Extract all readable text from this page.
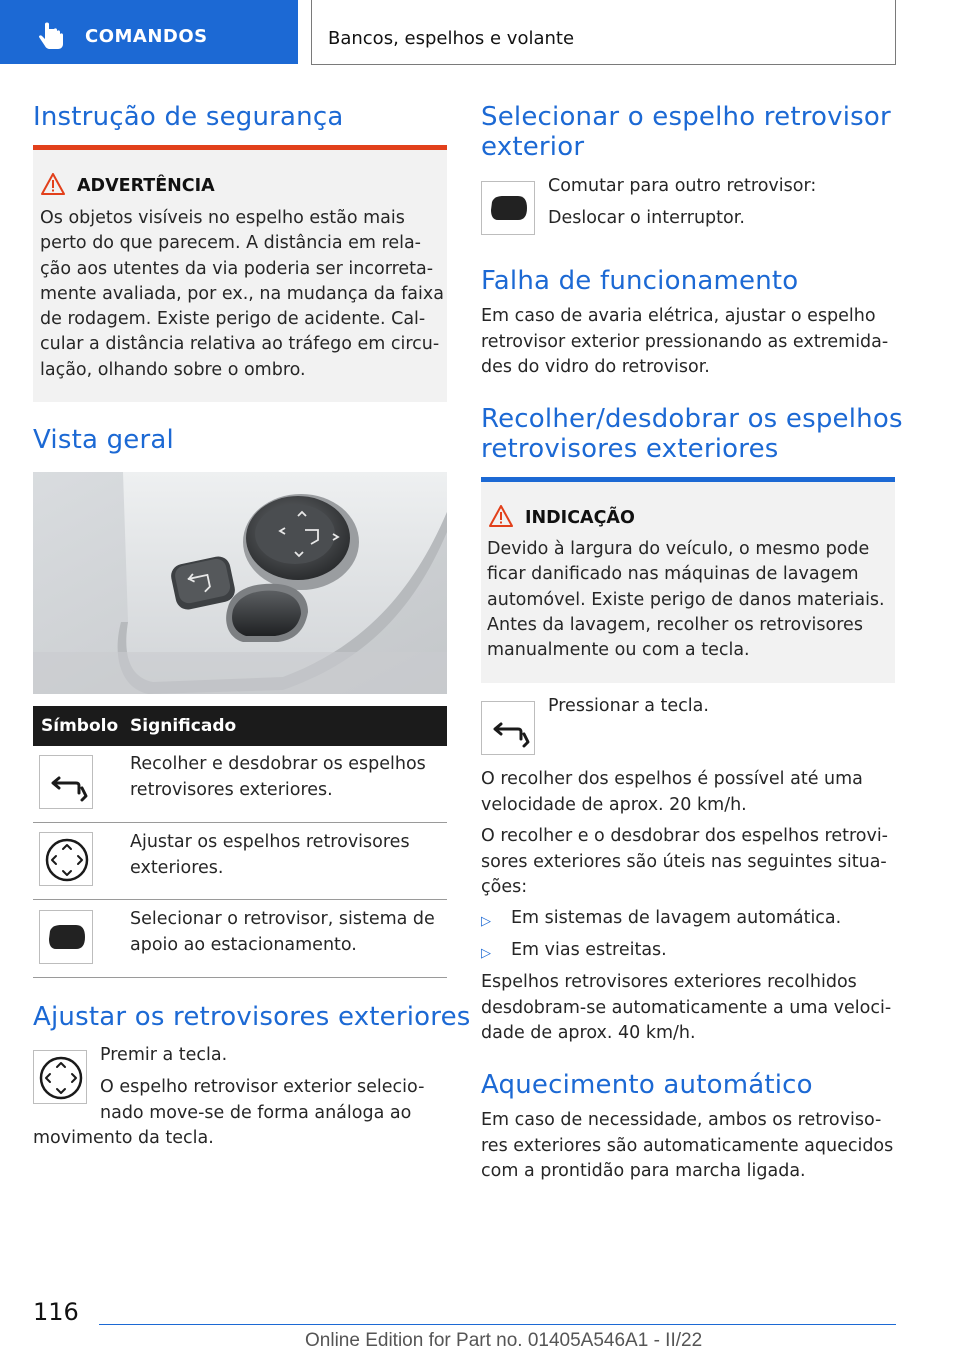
COMANDOS	Bancos, espelhos e volante
Instrução de segurança
ADVERTÊNCIA
Os objetos visíveis no espelho estão mais
perto do que parecem. A distância em rela-
ção aos utentes da via poderia ser incorreta-
mente avaliada, por ex., na mudança da faixa
de rodagem. Existe perigo de acidente. Cal-
cular a distância relativa ao tráfego em circu-
lação, olhando sobre o ombro.
Vista geral
Símbolo Significado
Recolher e desdobrar os espelhos
retrovisores exteriores.
Ajustar os espelhos retrovisores
exteriores.
Selecionar o retrovisor, sistema de
apoio ao estacionamento.
Ajustar os retrovisores exteriores
Premir a tecla.
O espelho retrovisor exterior selecio-
nado move-se de forma análoga ao
movimento da tecla.
Selecionar o espelho retrovisor
exterior
Comutar para outro retrovisor:
Deslocar o interruptor.
Falha de funcionamento
Em caso de avaria elétrica, ajustar o espelho
retrovisor exterior pressionando as extremida-
des do vidro do retrovisor.
Recolher/desdobrar os espelhos
retrovisores exteriores
INDICAÇÃO
Devido à largura do veículo, o mesmo pode
ficar danificado nas máquinas de lavagem
automóvel. Existe perigo de danos materiais.
Antes da lavagem, recolher os retrovisores
manualmente ou com a tecla.
Pressionar a tecla.
O recolher dos espelhos é possível até uma
velocidade de aprox. 20 km/h.
O recolher e o desdobrar dos espelhos retrovi-
sores exteriores são úteis nas seguintes situa-
ções:
▷ Em sistemas de lavagem automática.
▷ Em vias estreitas.
Espelhos retrovisores exteriores recolhidos
desdobram-se automaticamente a uma veloci-
dade de aprox. 40 km/h.
Aquecimento automático
Em caso de necessidade, ambos os retroviso-
res exteriores são automaticamente aquecidos
com a prontidão para marcha ligada.
116
Online Edition for Part no. 01405A546A1 - II/22
